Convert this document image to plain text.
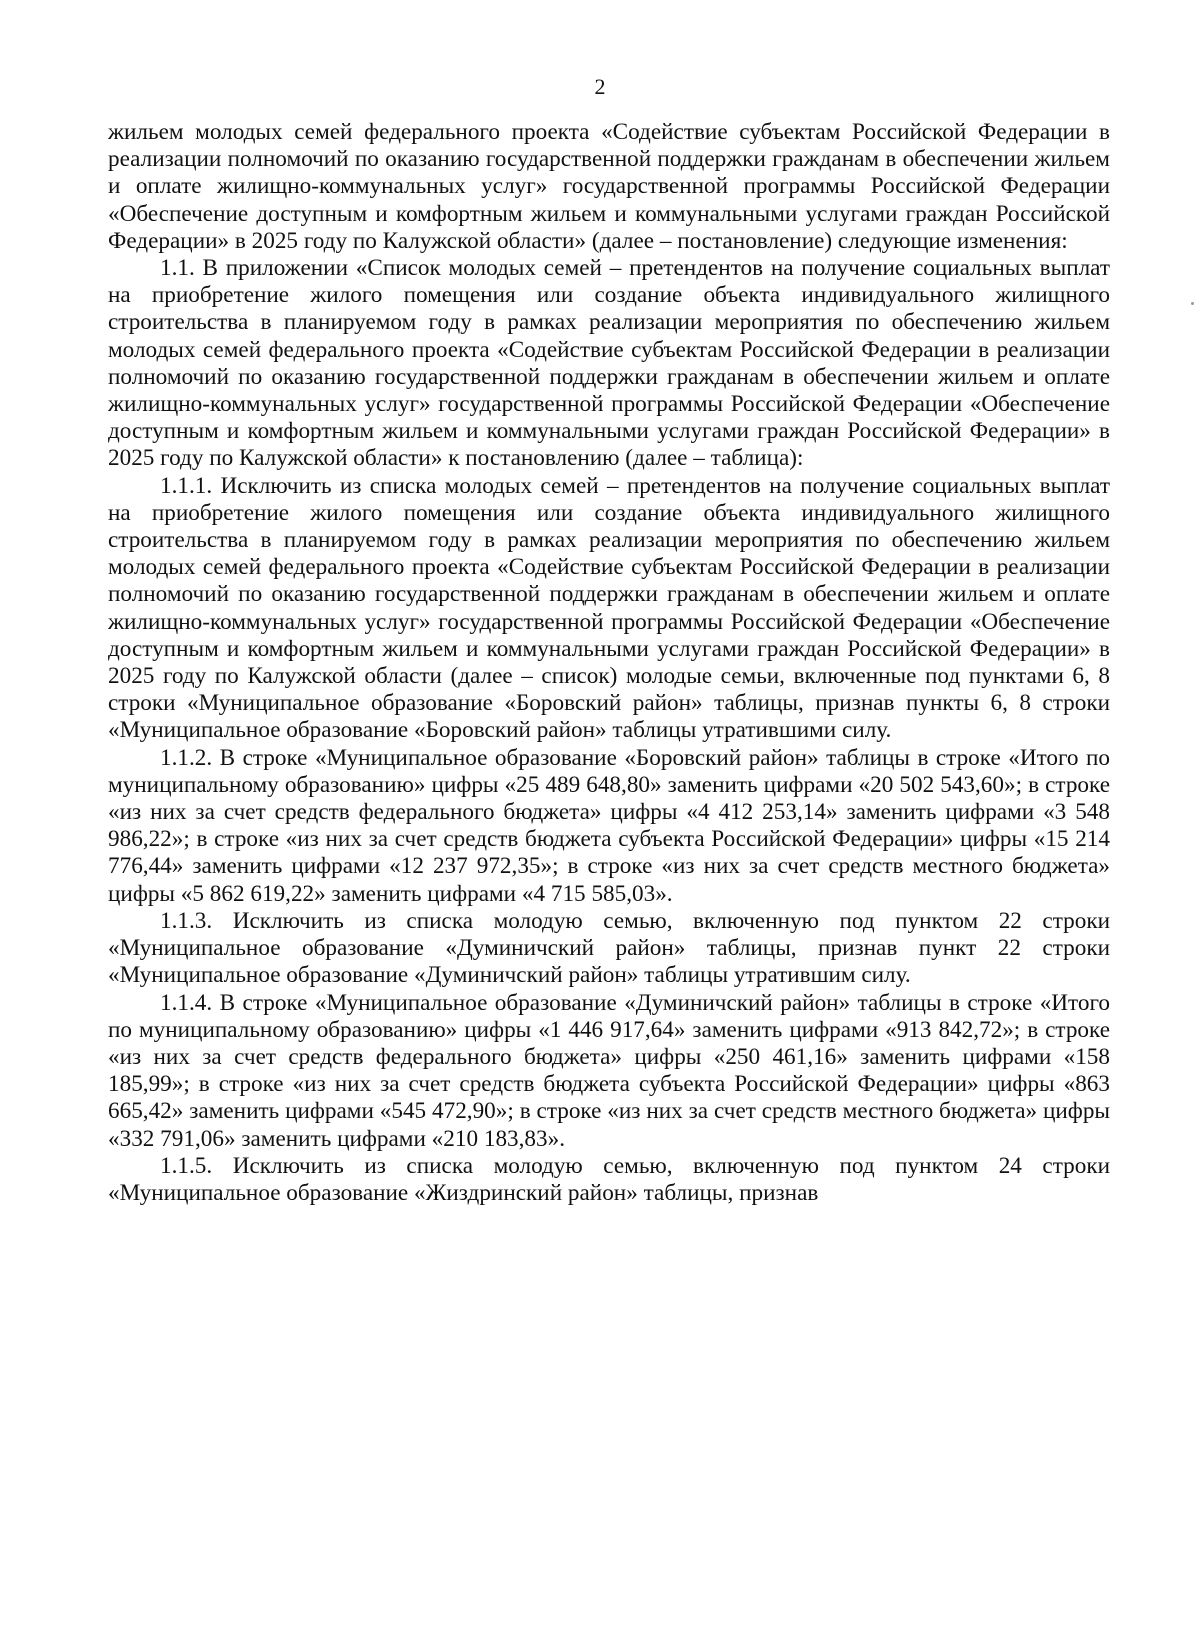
2

жильем молодых семей федерального проекта «Содействие субъектам Российской Федерации в реализации полномочий по оказанию государственной поддержки гражданам в обеспечении жильем и оплате жилищно-коммунальных услуг» государственной программы Российской Федерации «Обеспечение доступным и комфортным жильем и коммунальными услугами граждан Российской Федерации» в 2025 году по Калужской области» (далее – постановление) следующие изменения:

1.1. В приложении «Список молодых семей – претендентов на получение социальных выплат на приобретение жилого помещения или создание объекта индивидуального жилищного строительства в планируемом году в рамках реализации мероприятия по обеспечению жильем молодых семей федерального проекта «Содействие субъектам Российской Федерации в реализации полномочий по оказанию государственной поддержки гражданам в обеспечении жильем и оплате жилищно-коммунальных услуг» государственной программы Российской Федерации «Обеспечение доступным и комфортным жильем и коммунальными услугами граждан Российской Федерации» в 2025 году по Калужской области» к постановлению (далее – таблица):

1.1.1. Исключить из списка молодых семей – претендентов на получение социальных выплат на приобретение жилого помещения или создание объекта индивидуального жилищного строительства в планируемом году в рамках реализации мероприятия по обеспечению жильем молодых семей федерального проекта «Содействие субъектам Российской Федерации в реализации полномочий по оказанию государственной поддержки гражданам в обеспечении жильем и оплате жилищно-коммунальных услуг» государственной программы Российской Федерации «Обеспечение доступным и комфортным жильем и коммунальными услугами граждан Российской Федерации» в 2025 году по Калужской области (далее – список) молодые семьи, включенные под пунктами 6, 8 строки «Муниципальное образование «Боровский район» таблицы, признав пункты 6, 8 строки «Муниципальное образование «Боровский район» таблицы утратившими силу.

1.1.2. В строке «Муниципальное образование «Боровский район» таблицы в строке «Итого по муниципальному образованию» цифры «25 489 648,80» заменить цифрами «20 502 543,60»; в строке «из них за счет средств федерального бюджета» цифры «4 412 253,14» заменить цифрами «3 548 986,22»; в строке «из них за счет средств бюджета субъекта Российской Федерации» цифры «15 214 776,44» заменить цифрами «12 237 972,35»; в строке «из них за счет средств местного бюджета» цифры «5 862 619,22» заменить цифрами «4 715 585,03».

1.1.3. Исключить из списка молодую семью, включенную под пунктом 22 строки «Муниципальное образование «Думиничский район» таблицы, признав пункт 22 строки «Муниципальное образование «Думиничский район» таблицы утратившим силу.

1.1.4. В строке «Муниципальное образование «Думиничский район» таблицы в строке «Итого по муниципальному образованию» цифры «1 446 917,64» заменить цифрами «913 842,72»; в строке «из них за счет средств федерального бюджета» цифры «250 461,16» заменить цифрами «158 185,99»; в строке «из них за счет средств бюджета субъекта Российской Федерации» цифры «863 665,42» заменить цифрами «545 472,90»; в строке «из них за счет средств местного бюджета» цифры «332 791,06» заменить цифрами «210 183,83».

1.1.5. Исключить из списка молодую семью, включенную под пунктом 24 строки «Муниципальное образование «Жиздринский район» таблицы, признав
